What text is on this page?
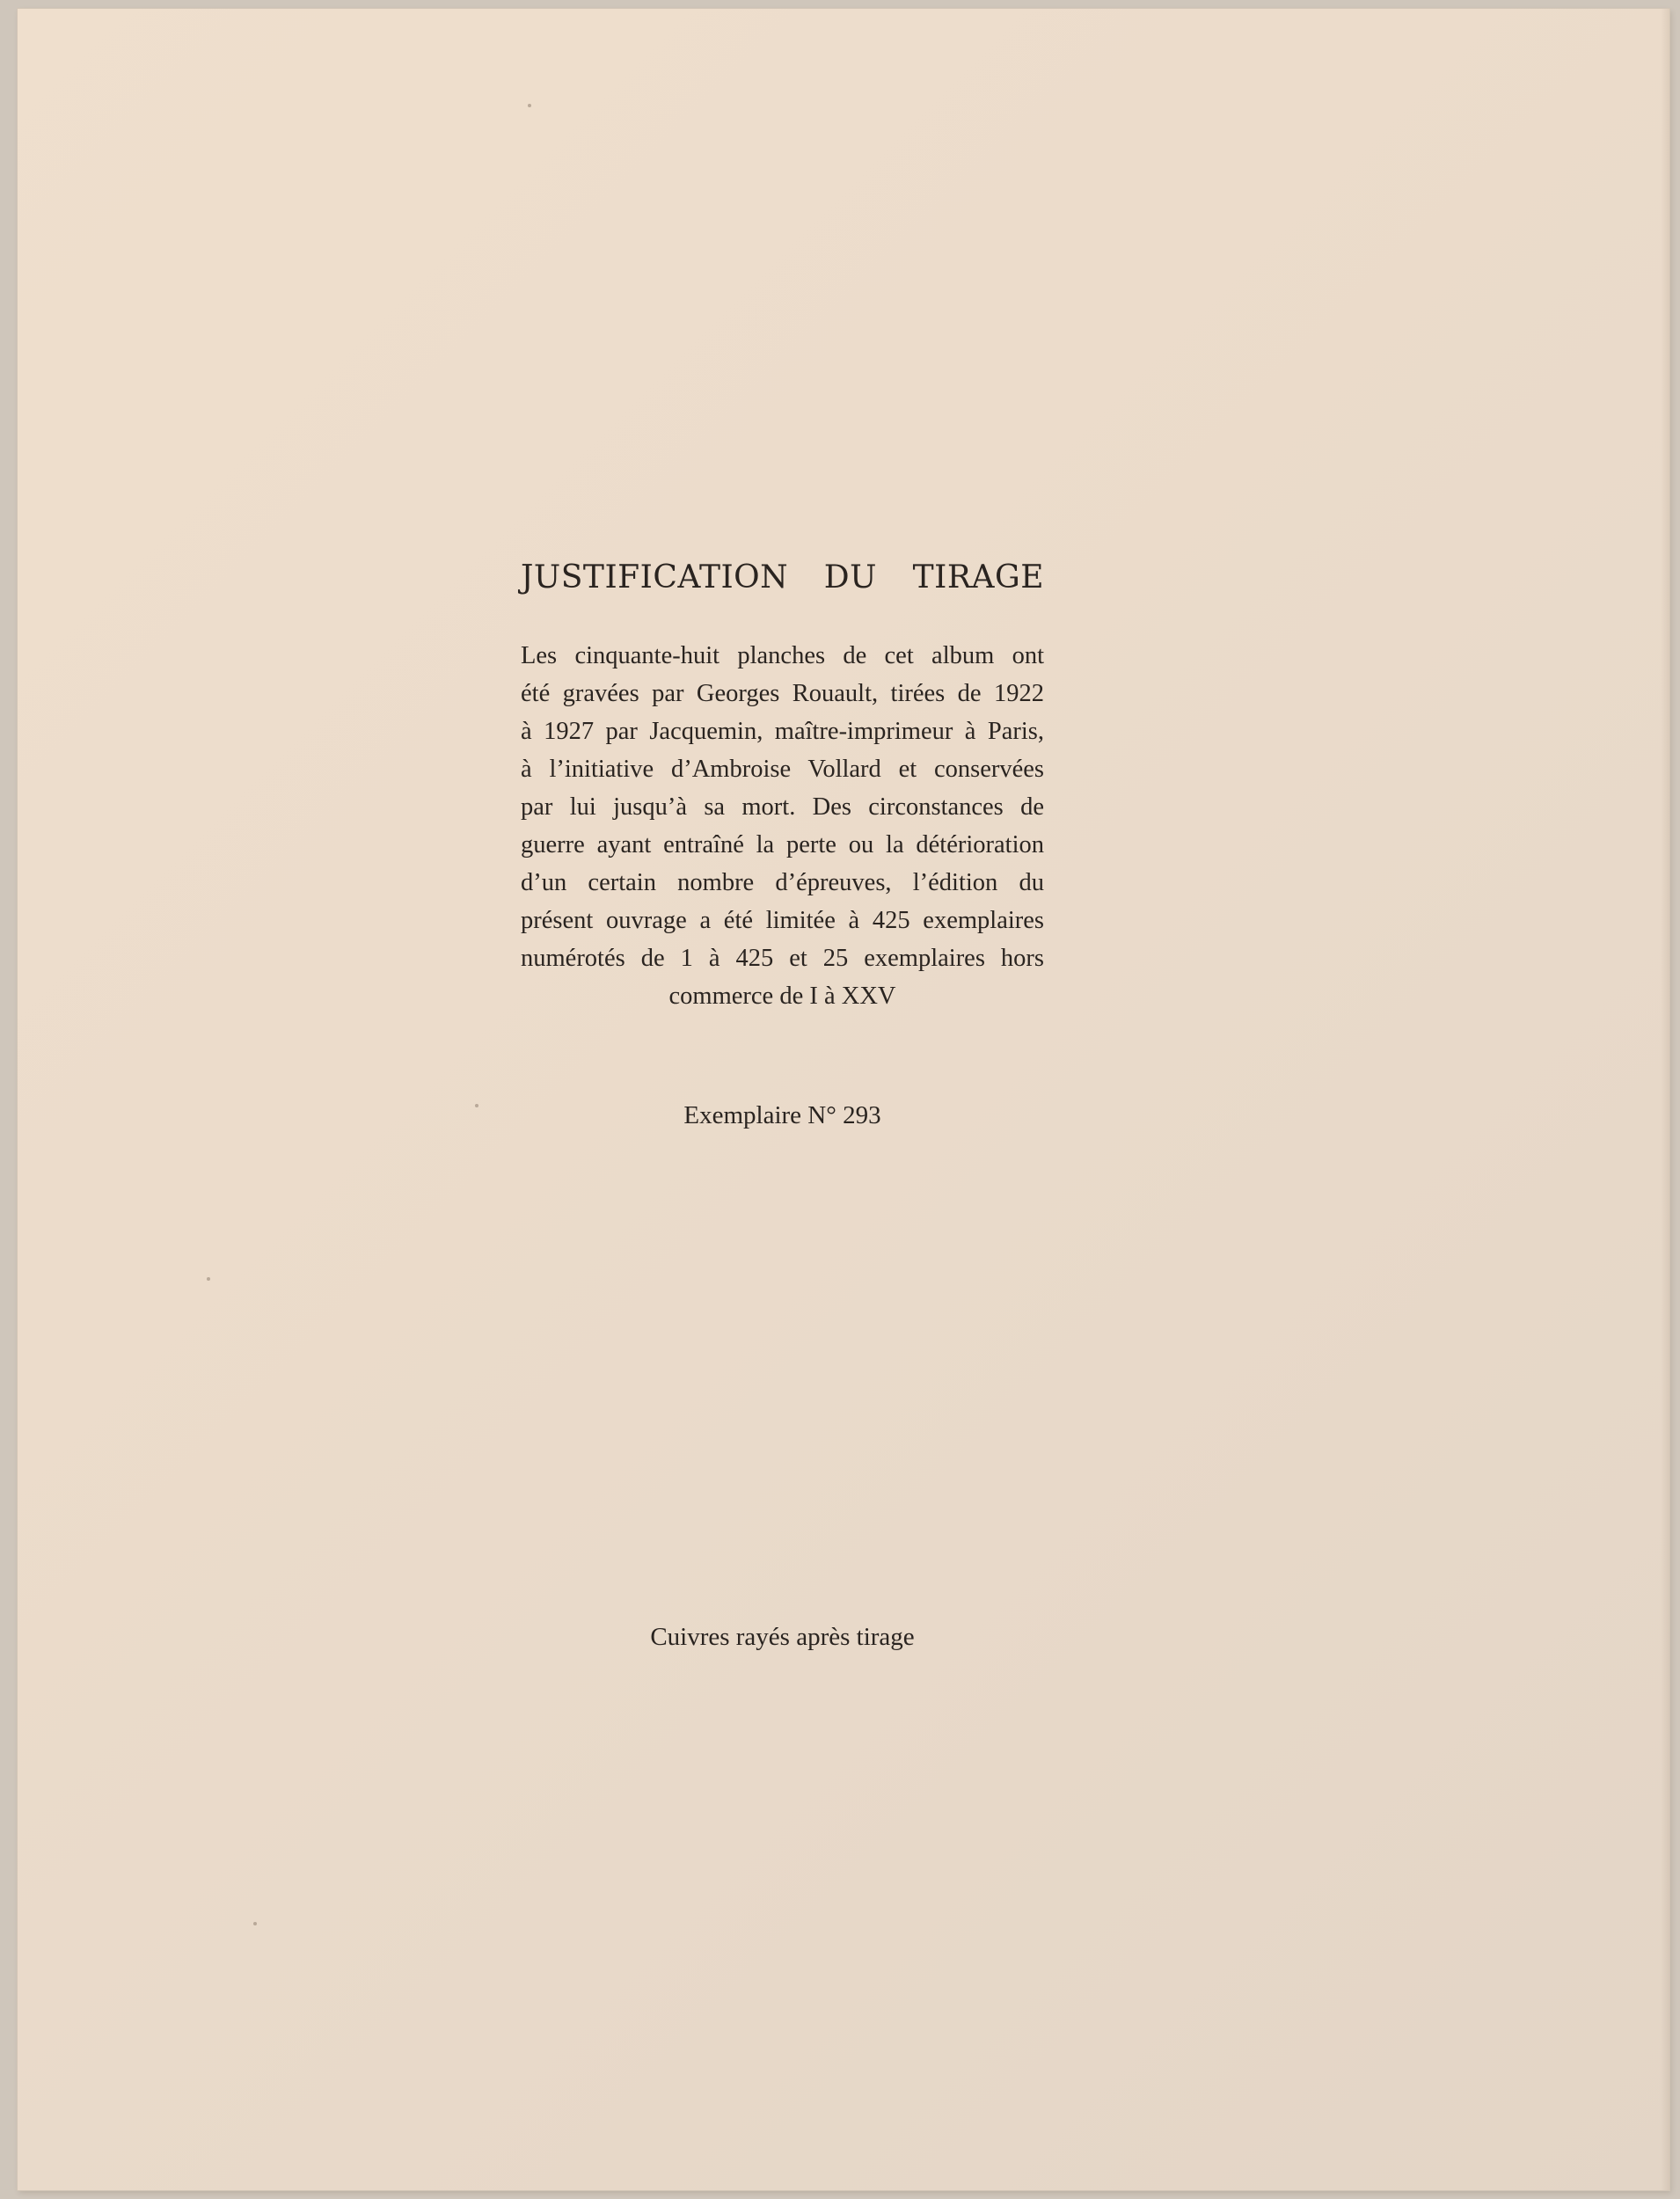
JUSTIFICATION DU TIRAGE
Les cinquante-huit planches de cet album ont
été gravées par Georges Rouault, tirées de 1922
à 1927 par Jacquemin, maître-imprimeur à Paris,
à l’initiative d’Ambroise Vollard et conservées
par lui jusqu’à sa mort. Des circonstances de
guerre ayant entraîné la perte ou la détérioration
d’un certain nombre d’épreuves, l’édition du
présent ouvrage a été limitée à 425 exemplaires
numérotés de 1 à 425 et 25 exemplaires hors
commerce de I à XXV
Exemplaire N° 293
Cuivres rayés après tirage
